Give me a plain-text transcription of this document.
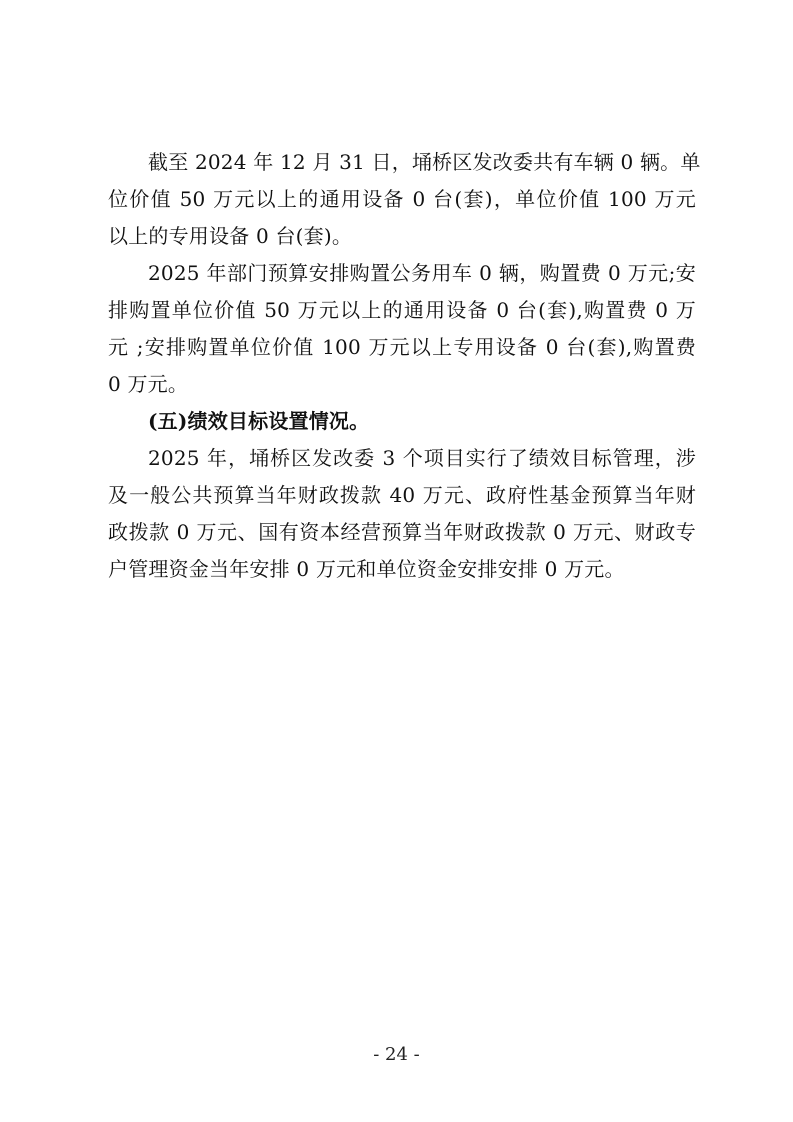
截至 2024 年 12 月 31 日，埇桥区发改委共有车辆 0 辆。单
位价值 50 万元以上的通用设备 0 台(套)，单位价值 100 万元
以上的专用设备 0 台(套)。
2025 年部门预算安排购置公务用车 0 辆，购置费 0 万元;安
排购置单位价值 50 万元以上的通用设备 0 台(套),购置费 0 万
元 ;安排购置单位价值 100 万元以上专用设备 0 台(套),购置费
0 万元。
(五)绩效目标设置情况。
2025 年，埇桥区发改委 3 个项目实行了绩效目标管理，涉
及一般公共预算当年财政拨款 40 万元、政府性基金预算当年财
政拨款 0 万元、国有资本经营预算当年财政拨款 0 万元、财政专
户管理资金当年安排 0 万元和单位资金安排安排 0 万元。
- 24 -
